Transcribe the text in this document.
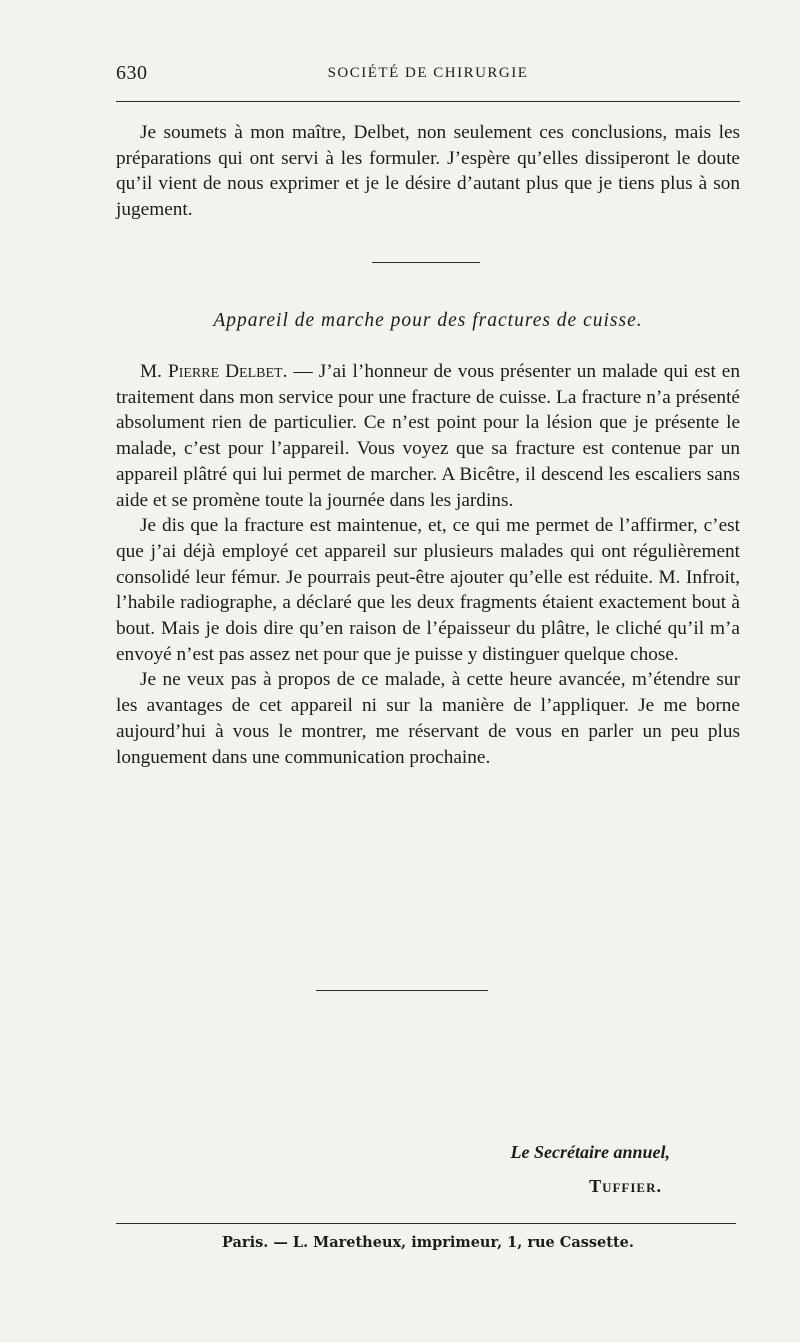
630	SOCIÉTÉ DE CHIRURGIE

Je soumets à mon maître, Delbet, non seulement ces conclusions, mais les préparations qui ont servi à les formuler. J’espère qu’elles dissiperont le doute qu’il vient de nous exprimer et je le désire d’autant plus que je tiens plus à son jugement.

Appareil de marche pour des fractures de cuisse.

M. Pierre Delbet. — J’ai l’honneur de vous présenter un malade qui est en traitement dans mon service pour une fracture de cuisse. La fracture n’a présenté absolument rien de particulier. Ce n’est point pour la lésion que je présente le malade, c’est pour l’appareil. Vous voyez que sa fracture est contenue par un appareil plâtré qui lui permet de marcher. A Bicêtre, il descend les escaliers sans aide et se promène toute la journée dans les jardins.

Je dis que la fracture est maintenue, et, ce qui me permet de l’affirmer, c’est que j’ai déjà employé cet appareil sur plusieurs malades qui ont régulièrement consolidé leur fémur. Je pourrais peut-être ajouter qu’elle est réduite. M. Infroit, l’habile radiographe, a déclaré que les deux fragments étaient exactement bout à bout. Mais je dois dire qu’en raison de l’épaisseur du plâtre, le cliché qu’il m’a envoyé n’est pas assez net pour que je puisse y distinguer quelque chose.

Je ne veux pas à propos de ce malade, à cette heure avancée, m’étendre sur les avantages de cet appareil ni sur la manière de l’appliquer. Je me borne aujourd’hui à vous le montrer, me réservant de vous en parler un peu plus longuement dans une communication prochaine.

Le Secrétaire annuel,
Tuffier.
Paris. — L. Maretheux, imprimeur, 1, rue Cassette.
